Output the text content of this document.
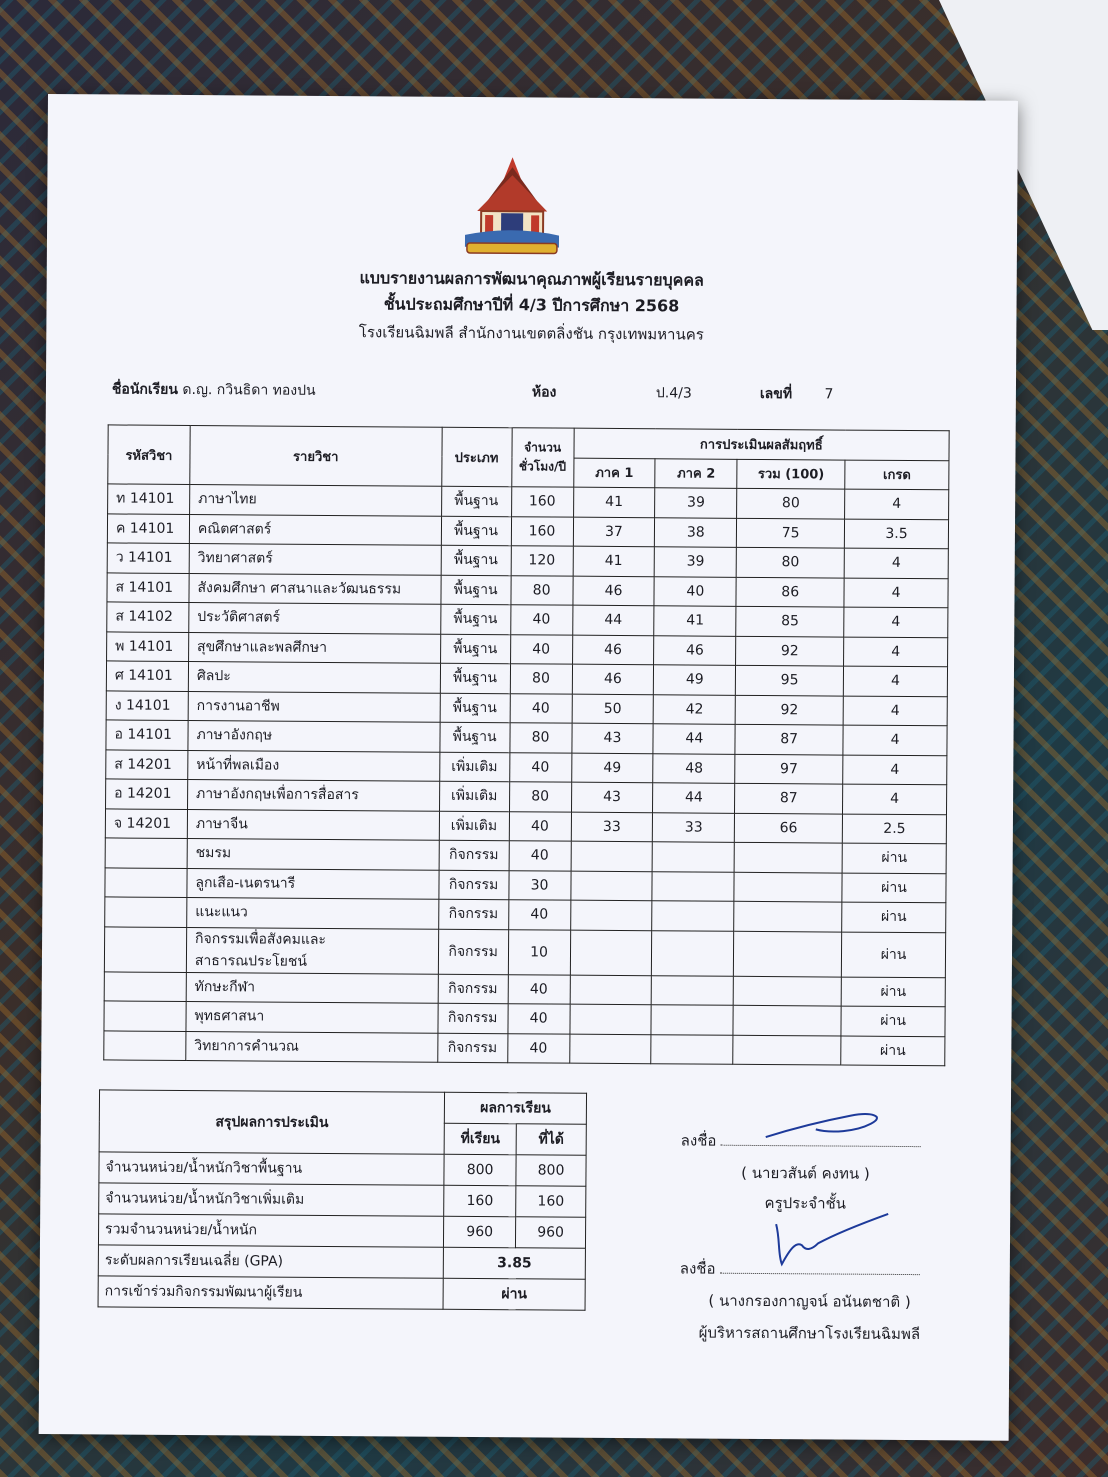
แบบรายงานผลการพัฒนาคุณภาพผู้เรียนรายบุคคล
ชั้นประถมศึกษาปีที่ 4/3 ปีการศึกษา 2568
โรงเรียนฉิมพลี สำนักงานเขตตลิ่งชัน กรุงเทพมหานคร
ชื่อนักเรียน ด.ญ. กวินธิดา ทองปน	ห้อง	ป.4/3	เลขที่ 7
รหัสวิชา	รายวิชา	ประเภท	จำนวนชั่วโมง/ปี	การประเมินผลสัมฤทธิ์			
				ภาค 1	ภาค 2	รวม (100)	เกรด
ท 14101	ภาษาไทย	พื้นฐาน	160	41	39	80	4
ค 14101	คณิตศาสตร์	พื้นฐาน	160	37	38	75	3.5
ว 14101	วิทยาศาสตร์	พื้นฐาน	120	41	39	80	4
ส 14101	สังคมศึกษา ศาสนาและวัฒนธรรม	พื้นฐาน	80	46	40	86	4
ส 14102	ประวัติศาสตร์	พื้นฐาน	40	44	41	85	4
พ 14101	สุขศึกษาและพลศึกษา	พื้นฐาน	40	46	46	92	4
ศ 14101	ศิลปะ	พื้นฐาน	80	46	49	95	4
ง 14101	การงานอาชีพ	พื้นฐาน	40	50	42	92	4
อ 14101	ภาษาอังกฤษ	พื้นฐาน	80	43	44	87	4
ส 14201	หน้าที่พลเมือง	เพิ่มเติม	40	49	48	97	4
อ 14201	ภาษาอังกฤษเพื่อการสื่อสาร	เพิ่มเติม	80	43	44	87	4
จ 14201	ภาษาจีน	เพิ่มเติม	40	33	33	66	2.5
	ชมรม	กิจกรรม	40				ผ่าน
	ลูกเสือ-เนตรนารี	กิจกรรม	30				ผ่าน
	แนะแนว	กิจกรรม	40				ผ่าน
	กิจกรรมเพื่อสังคมและสาธารณประโยชน์	กิจกรรม	10				ผ่าน
	ทักษะกีฬา	กิจกรรม	40				ผ่าน
	พุทธศาสนา	กิจกรรม	40				ผ่าน
	วิทยาการคำนวณ	กิจกรรม	40				ผ่าน
สรุปผลการประเมิน	ผลการเรียน	
	ที่เรียน	ที่ได้
จำนวนหน่วย/น้ำหนักวิชาพื้นฐาน	800	800
จำนวนหน่วย/น้ำหนักวิชาเพิ่มเติม	160	160
รวมจำนวนหน่วย/น้ำหนัก	960	960
ระดับผลการเรียนเฉลี่ย (GPA)	3.85	
การเข้าร่วมกิจกรรมพัฒนาผู้เรียน	ผ่าน	
ลงชื่อ
( นายวสันต์ คงทน )
ครูประจำชั้น
ลงชื่อ
( นางกรองกาญจน์ อนันตชาติ )
ผู้บริหารสถานศึกษาโรงเรียนฉิมพลี
